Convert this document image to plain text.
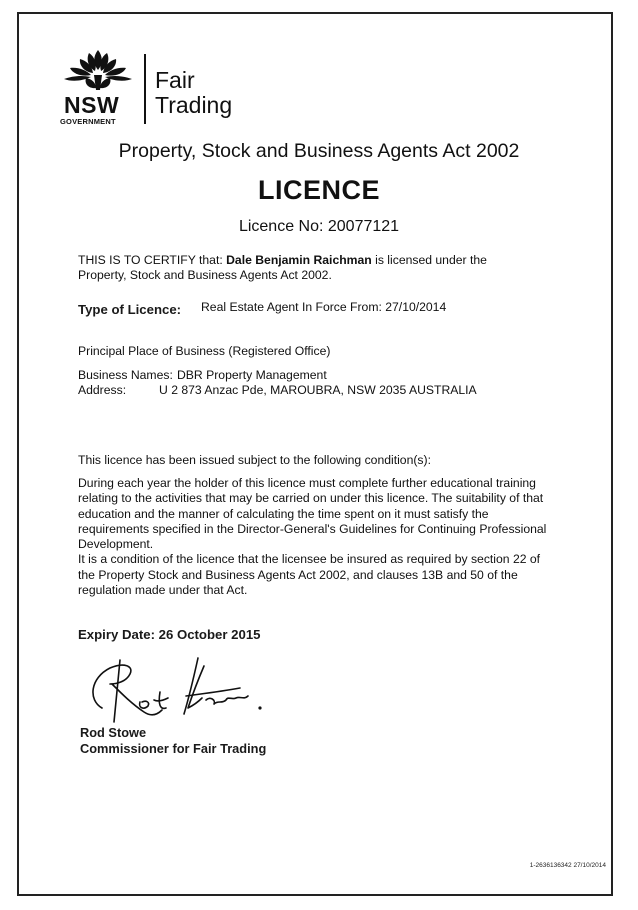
NSW
GOVERNMENT
Fair
Trading
Property, Stock and Business Agents Act 2002
LICENCE
Licence No: 20077121
THIS IS TO CERTIFY that: Dale Benjamin Raichman is licensed under the
Property, Stock and Business Agents Act 2002.
Type of Licence: Real Estate Agent In Force From: 27/10/2014
Principal Place of Business (Registered Office)
Business Names: DBR Property Management
Address:	U 2 873 Anzac Pde, MAROUBRA, NSW 2035 AUSTRALIA
This licence has been issued subject to the following condition(s):
During each year the holder of this licence must complete further educational training
relating to the activities that may be carried on under this licence. The suitability of that
education and the manner of calculating the time spent on it must satisfy the
requirements specified in the Director-General's Guidelines for Continuing Professional
Development.
It is a condition of the licence that the licensee be insured as required by section 22 of
the Property Stock and Business Agents Act 2002, and clauses 13B and 50 of the
regulation made under that Act.
Expiry Date: 26 October 2015
Rod Stowe
Commissioner for Fair Trading
1-2636136342 27/10/2014
